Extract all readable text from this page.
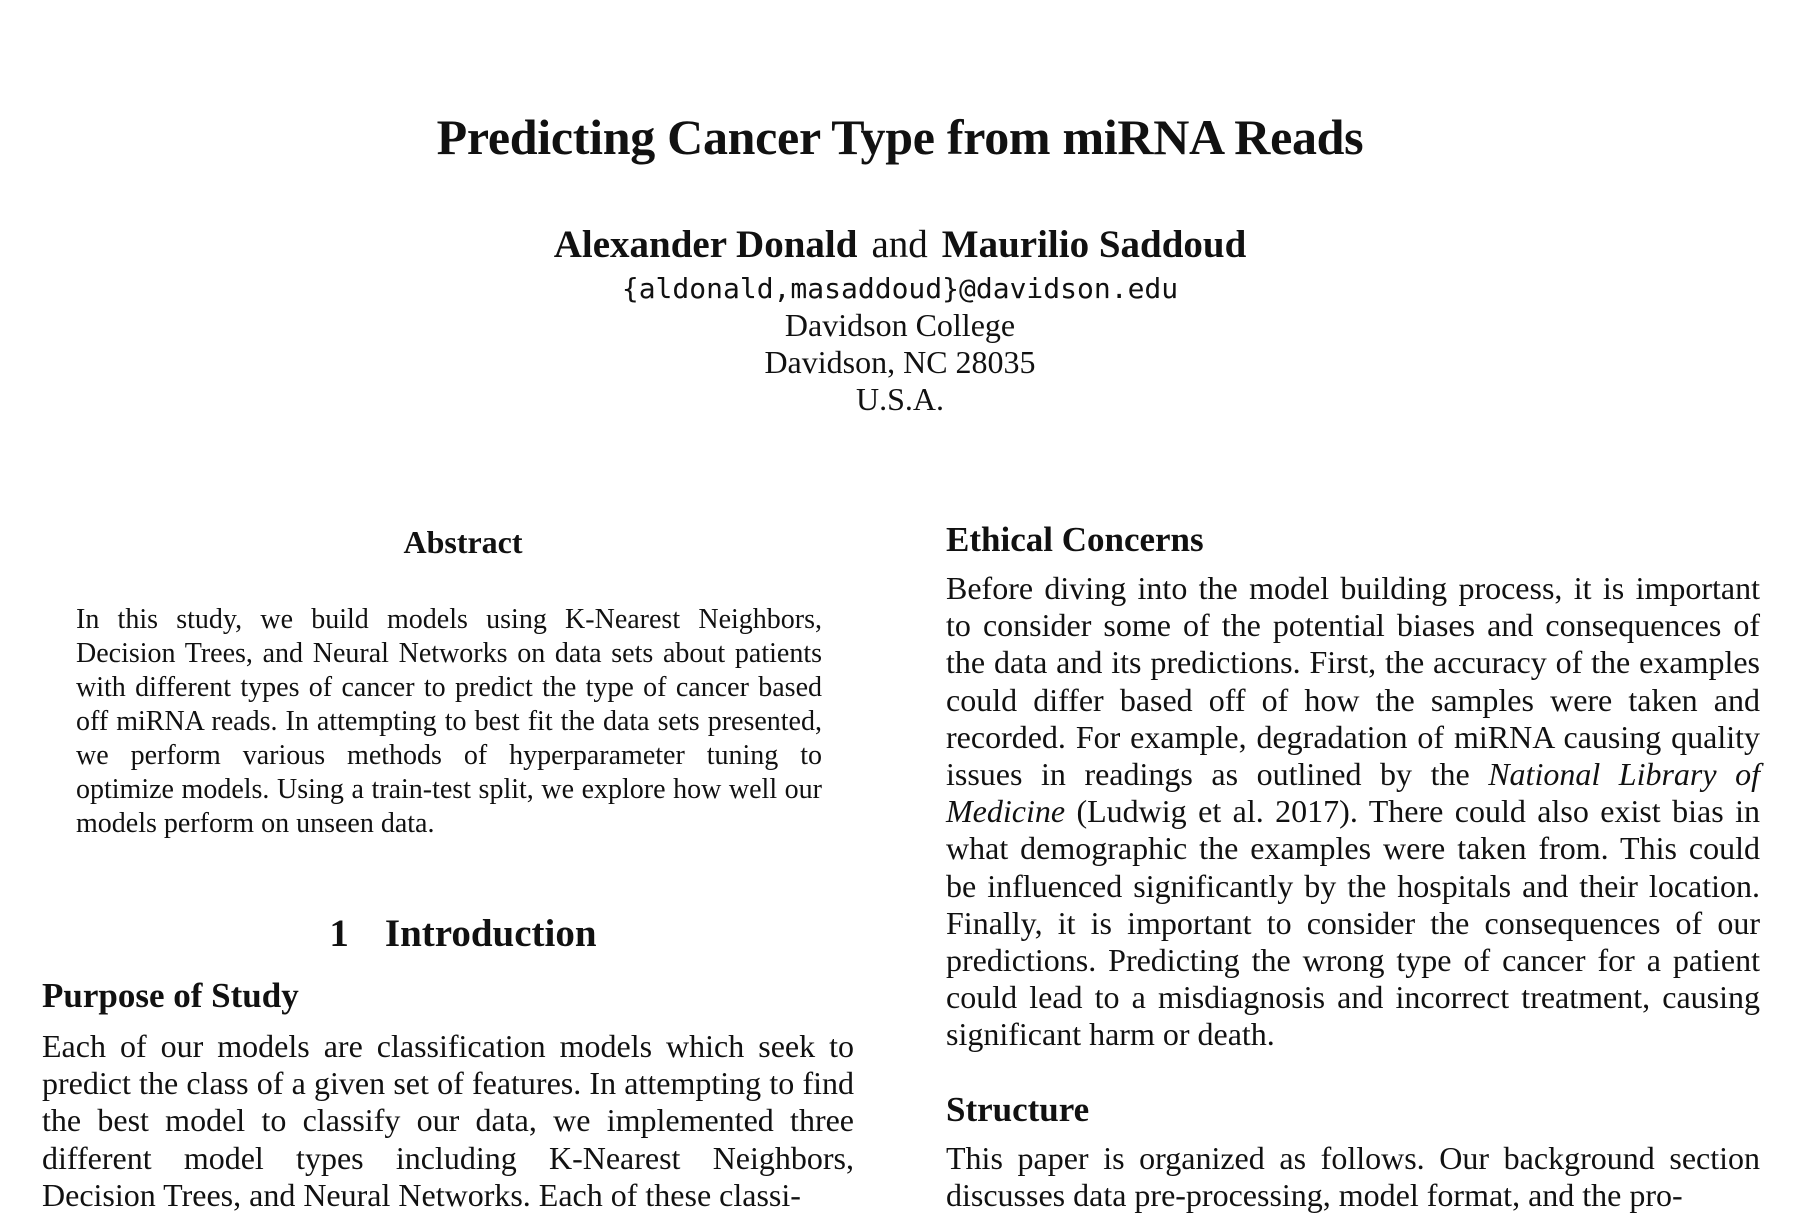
Predicting Cancer Type from miRNA Reads
Alexander Donald and Maurilio Saddoud
{aldonald,masaddoud}@davidson.edu
Davidson College
Davidson, NC 28035
U.S.A.
Abstract
In this study, we build models using K-Nearest Neighbors, Decision Trees, and Neural Networks on data sets about patients with different types of cancer to predict the type of cancer based off miRNA reads. In attempting to best fit the data sets presented, we perform various methods of hyperparameter tuning to optimize models. Using a train-test split, we explore how well our models perform on unseen data.
1 Introduction
Purpose of Study
Each of our models are classification models which seek to predict the class of a given set of features. In attempting to find the best model to classify our data, we implemented three different model types including K-Nearest Neighbors, Decision Trees, and Neural Networks. Each of these classi-
Ethical Concerns
Before diving into the model building process, it is important to consider some of the potential biases and consequences of the data and its predictions. First, the accuracy of the examples could differ based off of how the samples were taken and recorded. For example, degradation of miRNA causing quality issues in readings as outlined by the National Library of Medicine (Ludwig et al. 2017). There could also exist bias in what demographic the examples were taken from. This could be influenced significantly by the hospitals and their location. Finally, it is important to consider the consequences of our predictions. Predicting the wrong type of cancer for a patient could lead to a misdiagnosis and incorrect treatment, causing significant harm or death.
Structure
This paper is organized as follows. Our background section discusses data pre-processing, model format, and the pro-
